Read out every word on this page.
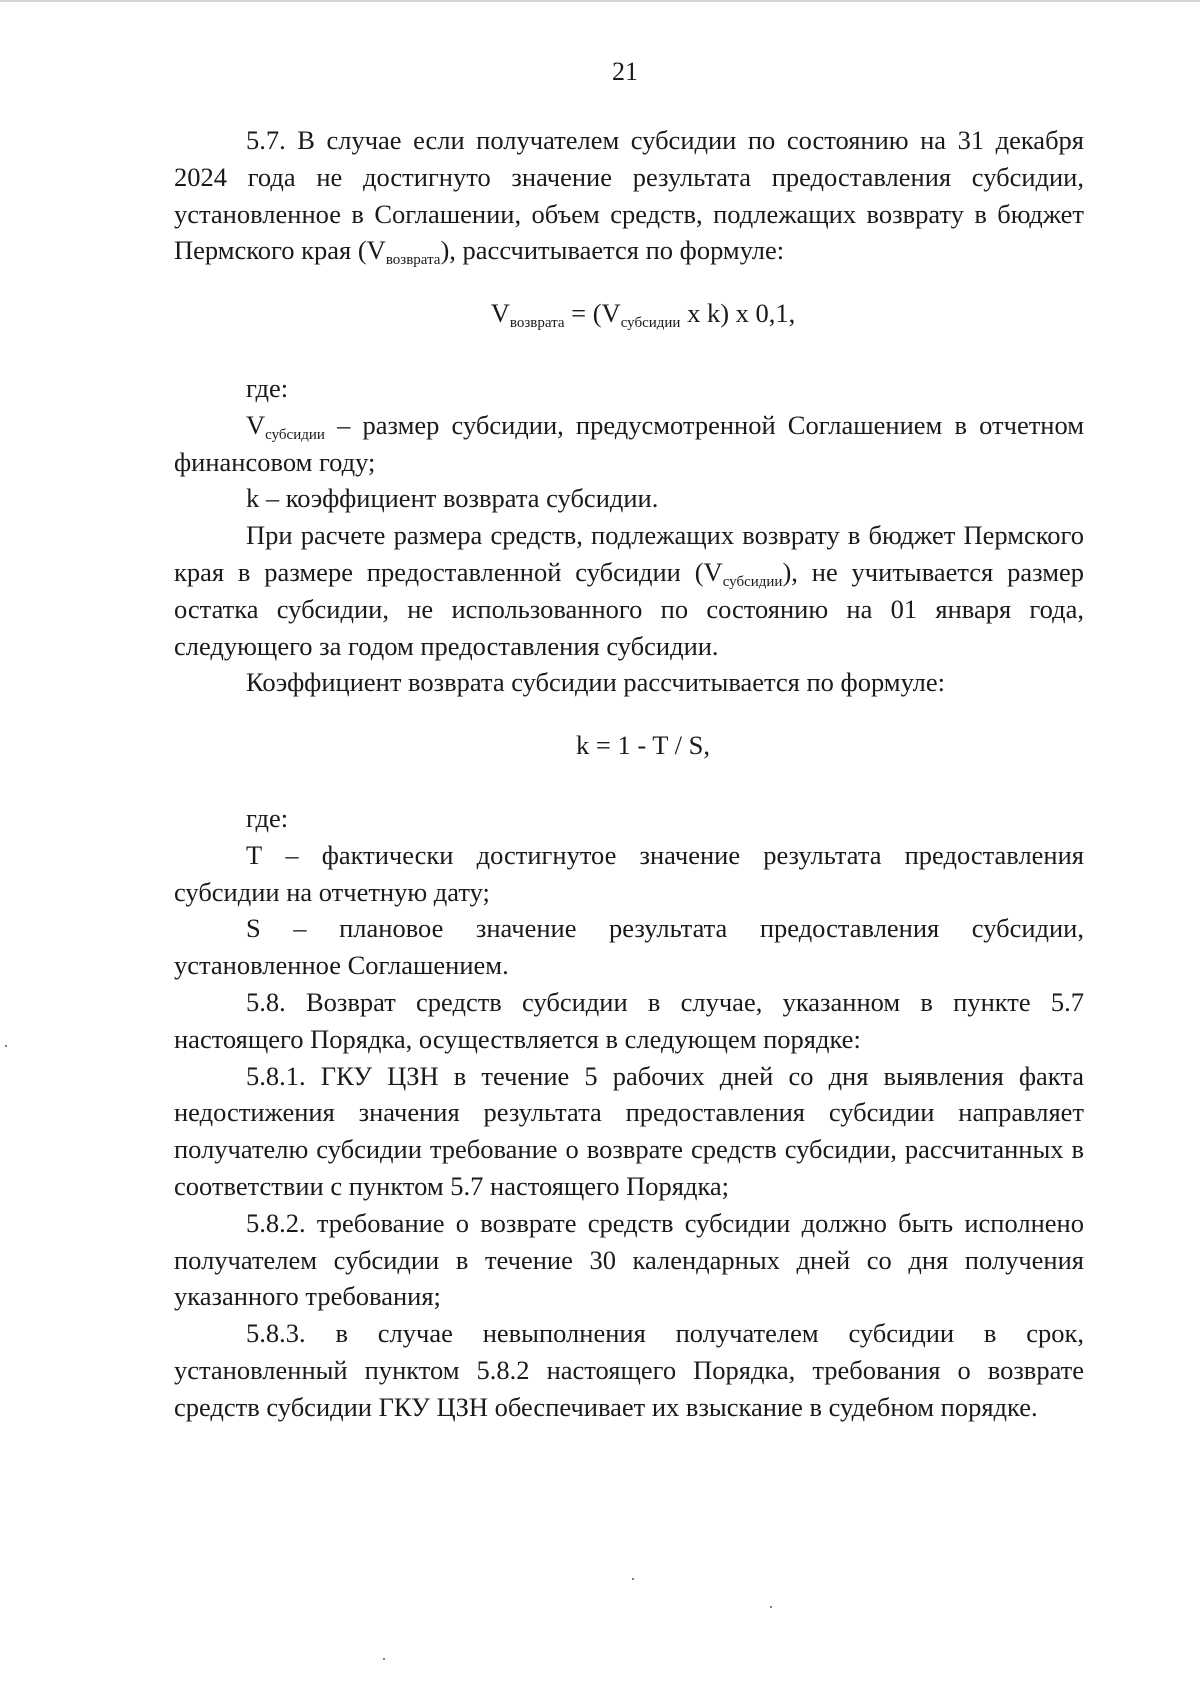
21

5.7. В случае если получателем субсидии по состоянию на 31 декабря 2024 года не достигнуто значение результата предоставления субсидии, установленное в Соглашении, объем средств, подлежащих возврату в бюджет Пермского края $(V_{возврата})$, рассчитывается по формуле:

$V_{возврата} = (V_{субсидии}$ x k) x 0,1,

где:

$V_{субсидии}$ – размер субсидии, предусмотренной Соглашением в отчетном финансовом году;

k – коэффициент возврата субсидии.

При расчете размера средств, подлежащих возврату в бюджет Пермского края в размере предоставленной субсидии $(V_{субсидии})$, не учитывается размер остатка субсидии, не использованного по состоянию на 01 января года, следующего за годом предоставления субсидии.

Коэффициент возврата субсидии рассчитывается по формуле:

k = 1 - T / S,

где:

Т – фактически достигнутое значение результата предоставления субсидии на отчетную дату;

S – плановое значение результата предоставления субсидии, установленное Соглашением.

5.8. Возврат средств субсидии в случае, указанном в пункте 5.7 настоящего Порядка, осуществляется в следующем порядке:

5.8.1. ГКУ ЦЗН в течение 5 рабочих дней со дня выявления факта недостижения значения результата предоставления субсидии направляет получателю субсидии требование о возврате средств субсидии, рассчитанных в соответствии с пунктом 5.7 настоящего Порядка;

5.8.2. требование о возврате средств субсидии должно быть исполнено получателем субсидии в течение 30 календарных дней со дня получения указанного требования;

5.8.3. в случае невыполнения получателем субсидии в срок, установленный пунктом 5.8.2 настоящего Порядка, требования о возврате средств субсидии ГКУ ЦЗН обеспечивает их взыскание в судебном порядке.
